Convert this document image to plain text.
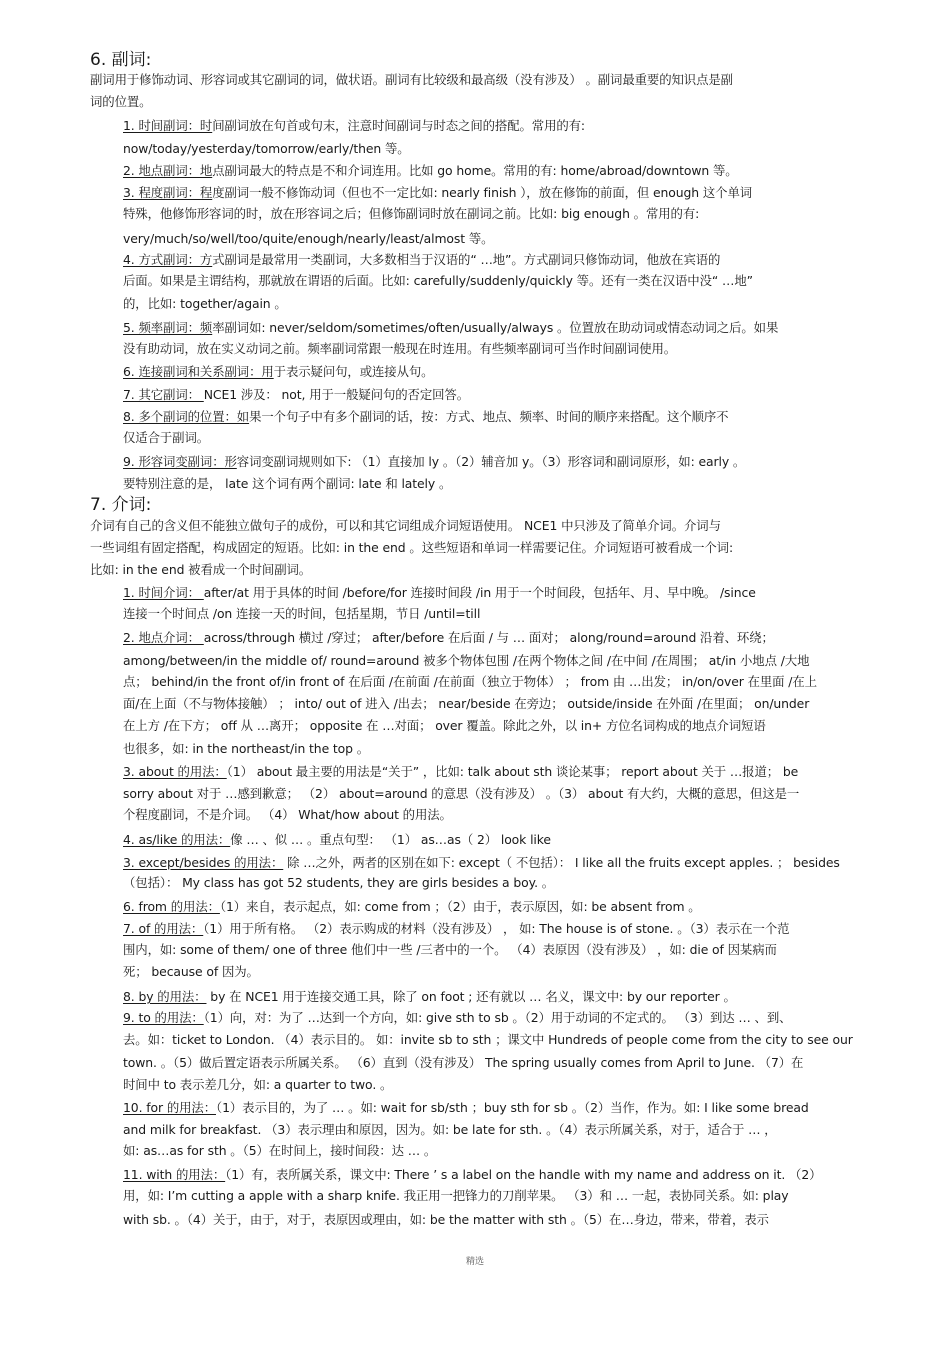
6. 副词:
7. 介词:
副词用于修饰动词、形容词或其它副词的词，做状语。副词有比较级和最高级（没有涉及） 。副词最重要的知识点是副
词的位置。
1. 时间副词：时间副词放在句首或句末，注意时间副词与时态之间的搭配。常用的有:
now/today/yesterday/tomorrow/early/then 等。
2. 地点副词：地点副词最大的特点是不和介词连用。比如 go home。常用的有: home/abroad/downtown 等。
3. 程度副词：程度副词一般不修饰动词（但也不一定比如: nearly finish ），放在修饰的前面，但 enough 这个单词
特殊，他修饰形容词的时，放在形容词之后；但修饰副词时放在副词之前。比如: big enough 。常用的有:
very/much/so/well/too/quite/enough/nearly/least/almost 等。
4. 方式副词：方式副词是最常用一类副词，大多数相当于汉语的“ …地”。方式副词只修饰动词，他放在宾语的
后面。如果是主谓结构，那就放在谓语的后面。比如: carefully/suddenly/quickly 等。还有一类在汉语中没“ …地”
的，比如: together/again 。
5. 频率副词：频率副词如: never/seldom/sometimes/often/usually/always 。位置放在助动词或情态动词之后。如果
没有助动词，放在实义动词之前。频率副词常跟一般现在时连用。有些频率副词可当作时间副词使用。
6. 连接副词和关系副词：用于表示疑问句，或连接从句。
7. 其它副词： NCE1 涉及： not, 用于一般疑问句的否定回答。
8. 多个副词的位置：如果一个句子中有多个副词的话，按：方式、地点、频率、时间的顺序来搭配。这个顺序不
仅适合于副词。
9. 形容词变副词：形容词变副词规则如下: （1）直接加 ly 。（2）辅音加 y。（3）形容词和副词原形，如: early 。
要特别注意的是， late 这个词有两个副词: late 和 lately 。
介词有自己的含义但不能独立做句子的成份，可以和其它词组成介词短语使用。 NCE1 中只涉及了简单介词。介词与
一些词组有固定搭配，构成固定的短语。比如: in the end 。这些短语和单词一样需要记住。介词短语可被看成一个词:
比如: in the end 被看成一个时间副词。
1. 时间介词： after/at 用于具体的时间 /before/for 连接时间段 /in 用于一个时间段，包括年、月、早中晚。 /since
连接一个时间点 /on 连接一天的时间，包括星期，节日 /until=till
2. 地点介词： across/through 横过 /穿过； after/before 在后面 / 与 … 面对； along/round=around 沿着、环绕；
among/between/in the middle of/ round=around 被多个物体包围 /在两个物体之间 /在中间 /在周围； at/in 小地点 /大地
点； behind/in the front of/in front of 在后面 /在前面 /在前面（独立于物体） ； from 由 …出发； in/on/over 在里面 /在上
面/在上面（不与物体接触） ； into/ out of 进入 /出去； near/beside 在旁边； outside/inside 在外面 /在里面； on/under
在上方 /在下方； off 从 …离开； opposite 在 …对面； over 覆盖。除此之外，以 in+ 方位名词构成的地点介词短语
也很多，如: in the northeast/in the top 。
3. about 的用法：（1） about 最主要的用法是“关于” ，比如: talk about sth 谈论某事； report about 关于 …报道； be
sorry about 对于 …感到歉意； （2） about=around 的意思（没有涉及） 。（3） about 有大约，大概的意思，但这是一
个程度副词，不是介词。 （4） What/how about 的用法。
4. as/like 的用法：像 … 、似 … 。重点句型： （1） as…as（ 2） look like
3. except/besides 的用法： 除 …之外，两者的区别在如下: except（ 不包括）： I like all the fruits except apples. ； besides
（包括）： My class has got 52 students, they are girls besides a boy. 。
6. from 的用法：（1）来自，表示起点，如: come from ；（2）由于，表示原因，如: be absent from 。
7. of 的用法：（1）用于所有格。 （2）表示购成的材料（没有涉及） ， 如: The house is of stone. 。（3）表示在一个范
围内，如: some of them/ one of three 他们中一些 /三者中的一个。 （4）表原因（没有涉及） ，如: die of 因某病而
死； because of 因为。
8. by 的用法： by 在 NCE1 用于连接交通工具，除了 on foot ; 还有就以 … 名义，课文中: by our reporter 。
9. to 的用法：（1）向，对：为了 …达到一个方向，如: give sth to sb 。（2）用于动词的不定式的。 （3）到达 … 、到、
去。如：ticket to London. （4）表示目的。 如：invite sb to sth ；课文中 Hundreds of people come from the city to see our
town. 。（5）做后置定语表示所属关系。 （6）直到（没有涉及） The spring usually comes from April to June. （7）在
时间中 to 表示差几分，如: a quarter to two. 。
10. for 的用法：（1）表示目的，为了 … 。如: wait for sb/sth ；buy sth for sb 。（2）当作，作为。如: I like some bread
and milk for breakfast. （3）表示理由和原因，因为。如: be late for sth. 。（4）表示所属关系，对于，适合于 … ，
如: as…as for sth 。（5）在时间上，接时间段：达 … 。
11. with 的用法：（1）有，表所属关系，课文中: There ’ s a label on the handle with my name and address on it. （2）
用，如: I’m cutting a apple with a sharp knife. 我正用一把锋力的刀削苹果。 （3）和 … 一起，表协同关系。如: play
with sb. 。（4）关于，由于，对于，表原因或理由，如: be the matter with sth 。（5）在…身边，带来，带着，表示
精选
